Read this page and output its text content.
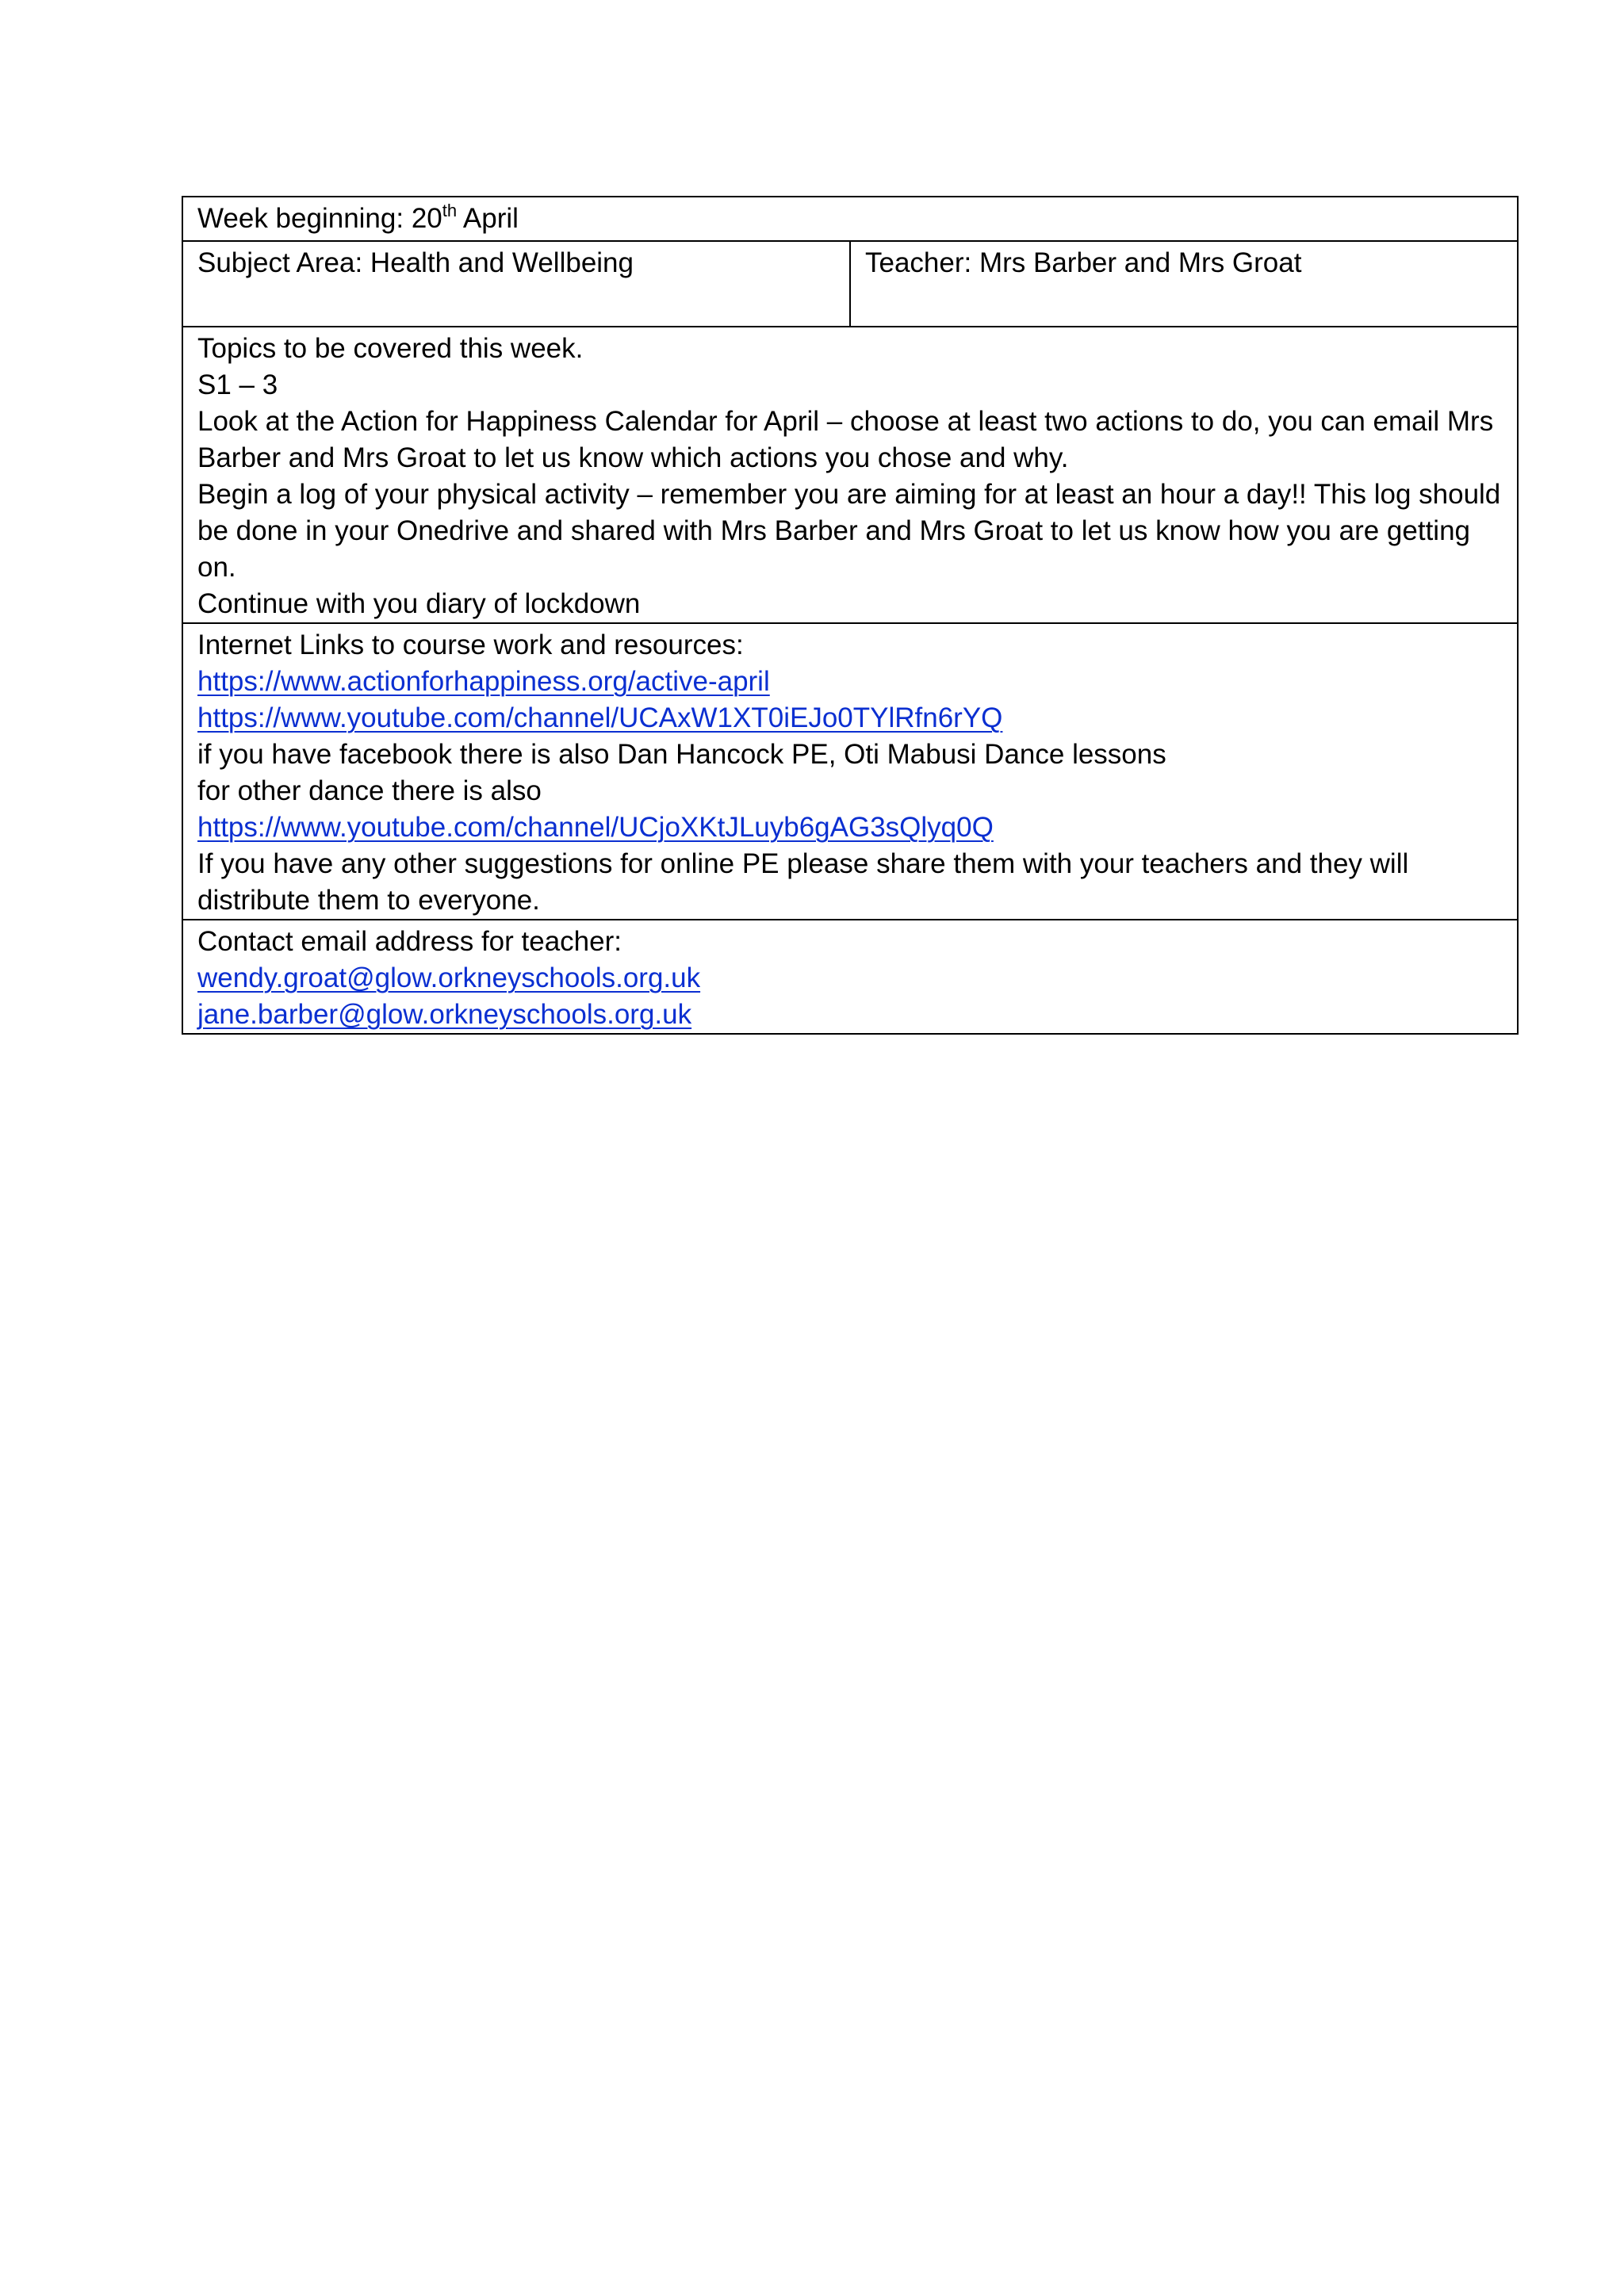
Week beginning: 20th April
Subject Area: Health and Wellbeing	Teacher: Mrs Barber and Mrs Groat

Topics to be covered this week.
S1 – 3
Look at the Action for Happiness Calendar for April – choose at least two actions to do, you can email Mrs Barber and Mrs Groat to let us know which actions you chose and why.
Begin a log of your physical activity – remember you are aiming for at least an hour a day!! This log should be done in your Onedrive and shared with Mrs Barber and Mrs Groat to let us know how you are getting on.
Continue with you diary of lockdown

Internet Links to course work and resources:
https://www.actionforhappiness.org/active-april
https://www.youtube.com/channel/UCAxW1XT0iEJo0TYlRfn6rYQ
if you have facebook there is also Dan Hancock PE, Oti Mabusi Dance lessons
for other dance there is also
https://www.youtube.com/channel/UCjoXKtJLuyb6gAG3sQlyq0Q
If you have any other suggestions for online PE please share them with your teachers and they will distribute them to everyone.

Contact email address for teacher:
wendy.groat@glow.orkneyschools.org.uk
jane.barber@glow.orkneyschools.org.uk
